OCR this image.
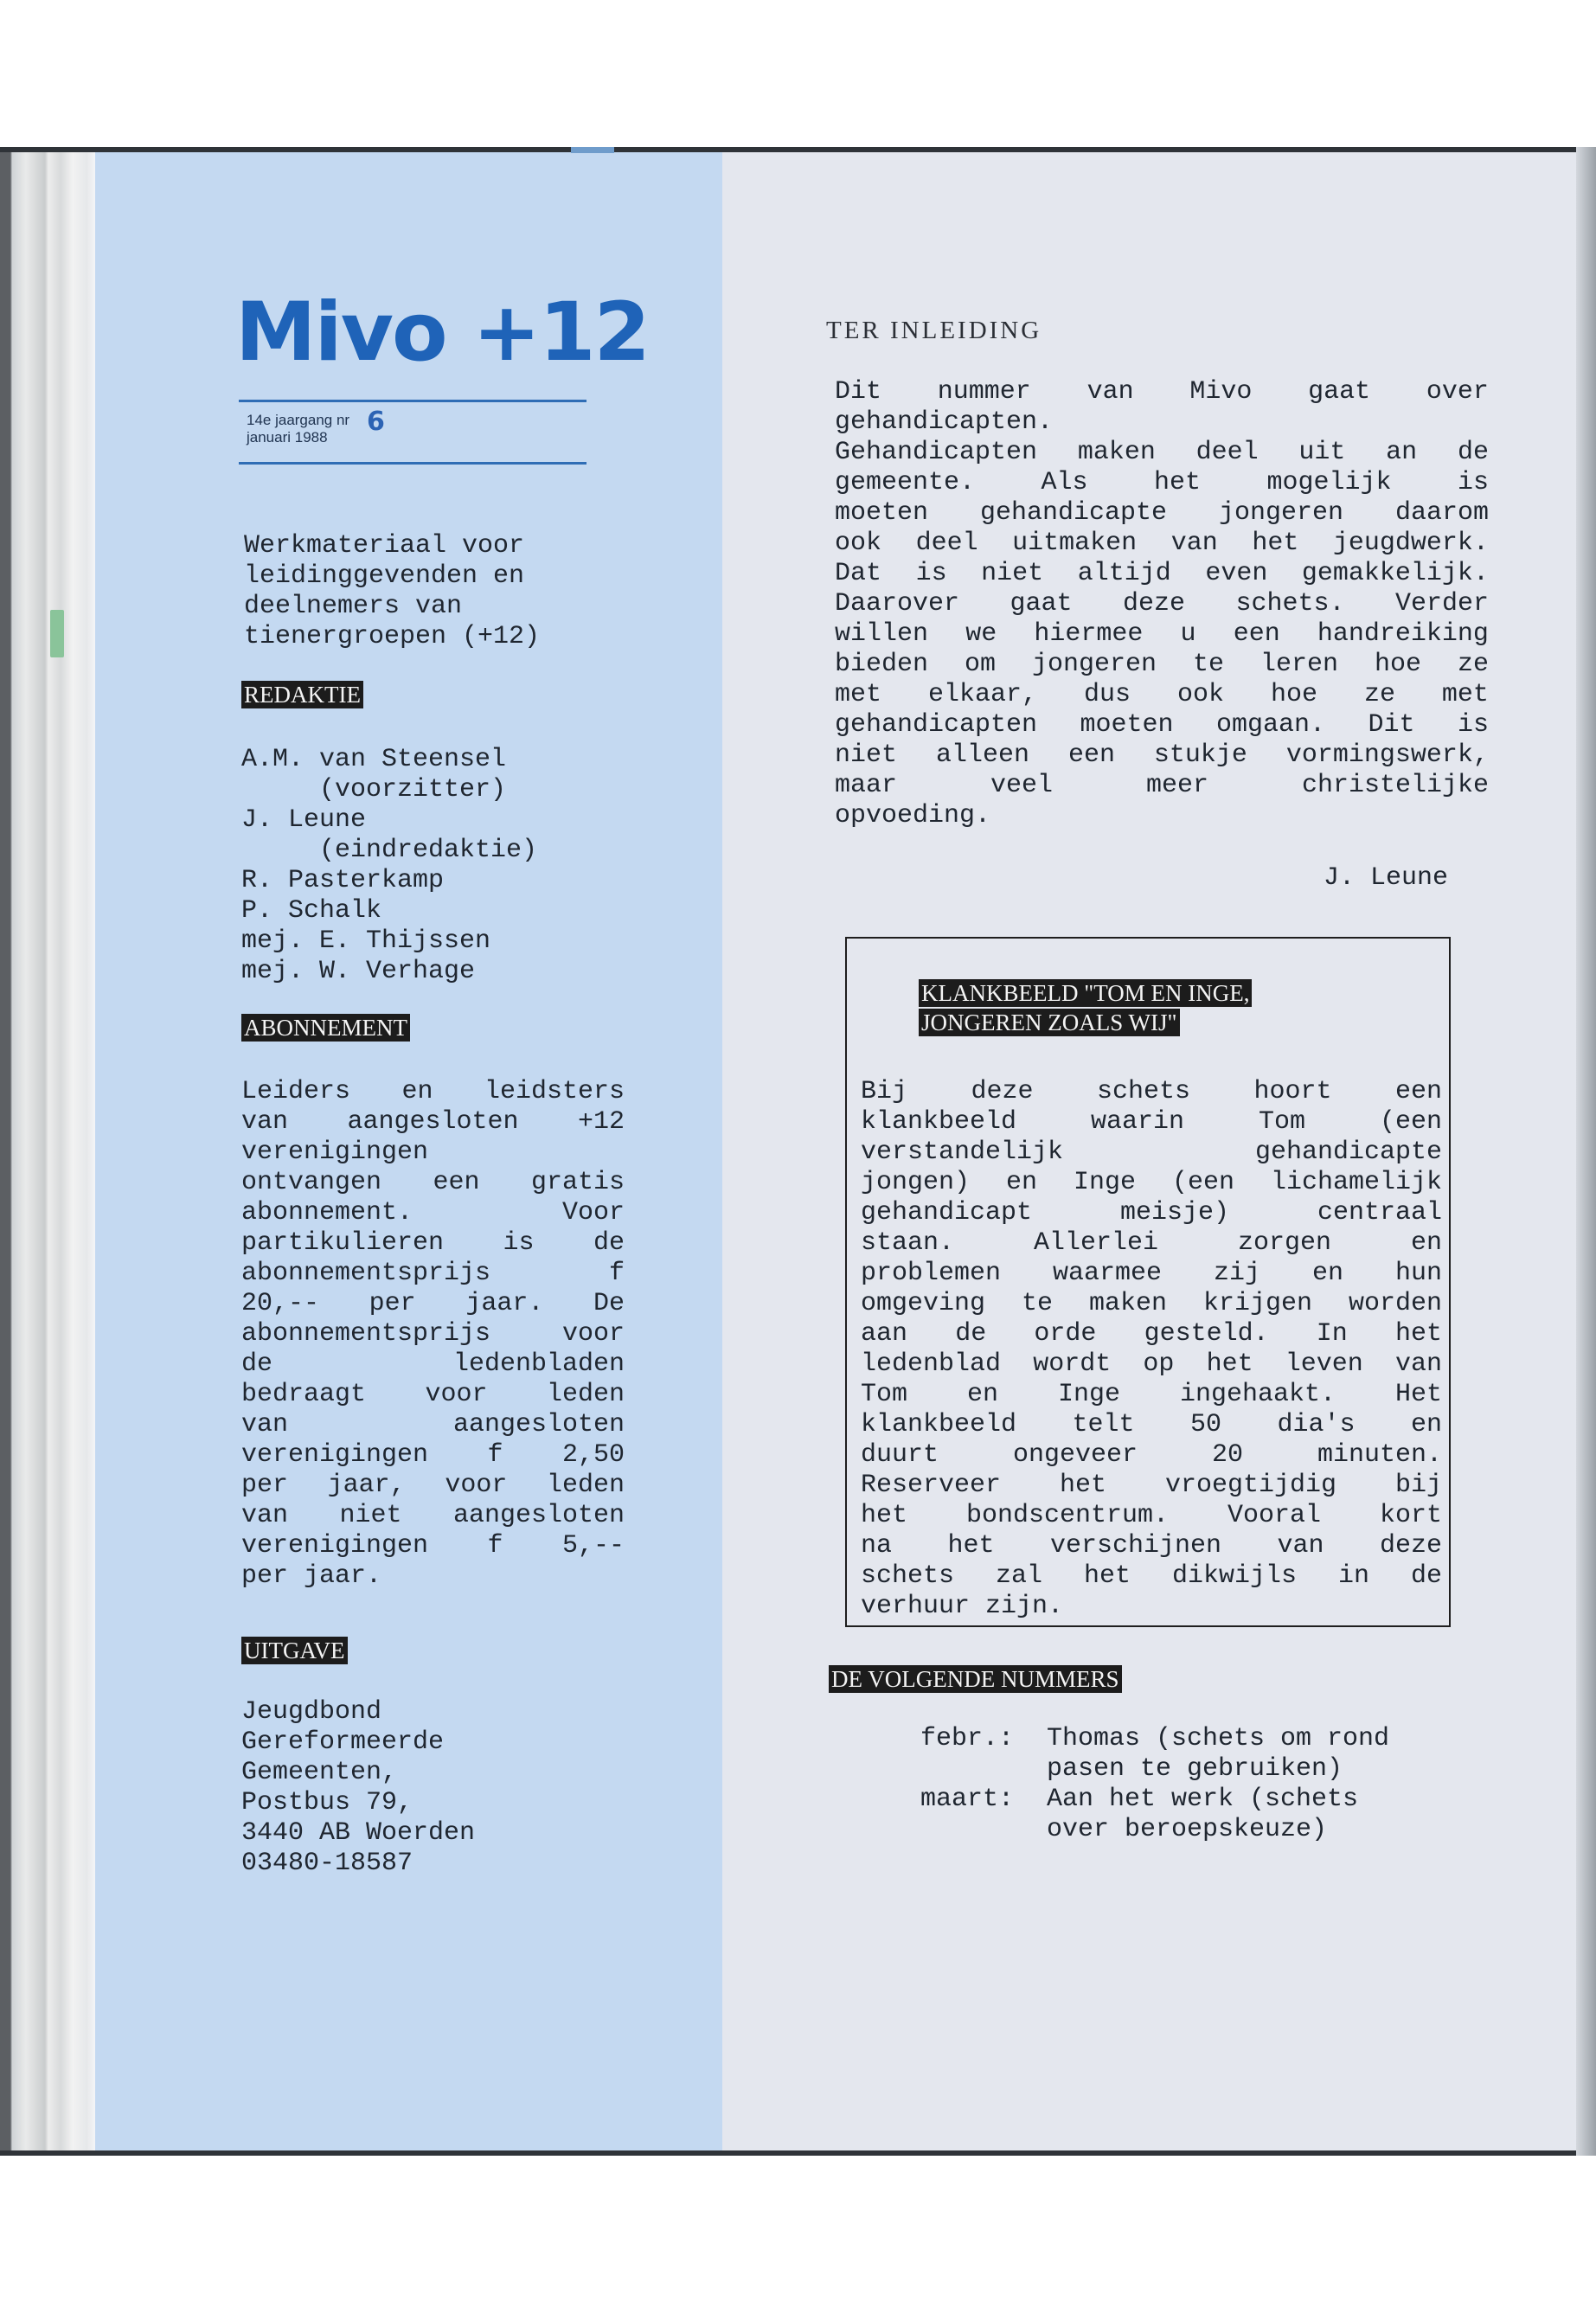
Mivo +12
14e jaargang nr
januari 1988
6
Werkmateriaal voor
leidinggevenden en
deelnemers van
tienergroepen (+12)
REDAKTIE
A.M. van Steensel
(voorzitter)
J. Leune
(eindredaktie)
R. Pasterkamp
P. Schalk
mej. E. Thijssen
mej. W. Verhage
ABONNEMENT
Leiders en leidsters
van aangesloten +12
verenigingen
ontvangen een gratis
abonnement.	Voor
partikulieren is de
abonnementsprijs	f
20,-- per jaar. De
abonnementsprijs	voor
de	ledenbladen
bedraagt voor leden
van	aangesloten
verenigingen f 2,50
per jaar, voor leden
van niet aangesloten
verenigingen f 5,--
per jaar.
UITGAVE
Jeugdbond
Gereformeerde
Gemeenten,
Postbus 79,
3440 AB Woerden
03480-18587
TER INLEIDING
Dit nummer van Mivo gaat over
gehandicapten.
Gehandicapten maken deel uit an de
gemeente.	Als	het	mogelijk	is
moeten gehandicapte jongeren daarom
ook deel uitmaken van het jeugdwerk.
Dat is niet altijd even gemakkelijk.
Daarover gaat deze schets. Verder
willen we hiermee u een handreiking
bieden om jongeren te leren hoe ze
met elkaar, dus ook hoe ze met
gehandicapten moeten omgaan. Dit is
niet alleen een stukje vormingswerk,
maar	veel	meer	christelijke
opvoeding.
J. Leune
KLANKBEELD "TOM EN INGE,
JONGEREN ZOALS WIJ"
Bij deze schets hoort een
klankbeeld	waarin	Tom	(een
verstandelijk	gehandicapte
jongen) en Inge (een lichamelijk
gehandicapt	meisje)	centraal
staan.	Allerlei	zorgen	en
problemen waarmee zij en hun
omgeving te maken krijgen worden
aan de orde gesteld. In het
ledenblad wordt op het leven van
Tom en Inge ingehaakt. Het
klankbeeld telt 50 dia's en
duurt	ongeveer	20	minuten.
Reserveer het vroegtijdig bij
het bondscentrum. Vooral kort
na het verschijnen van deze
schets zal het dikwijls in de
verhuur zijn.
DE VOLGENDE NUMMERS
febr.:	Thomas (schets om rond
pasen te gebruiken)
maart:	Aan het werk (schets
over beroepskeuze)
